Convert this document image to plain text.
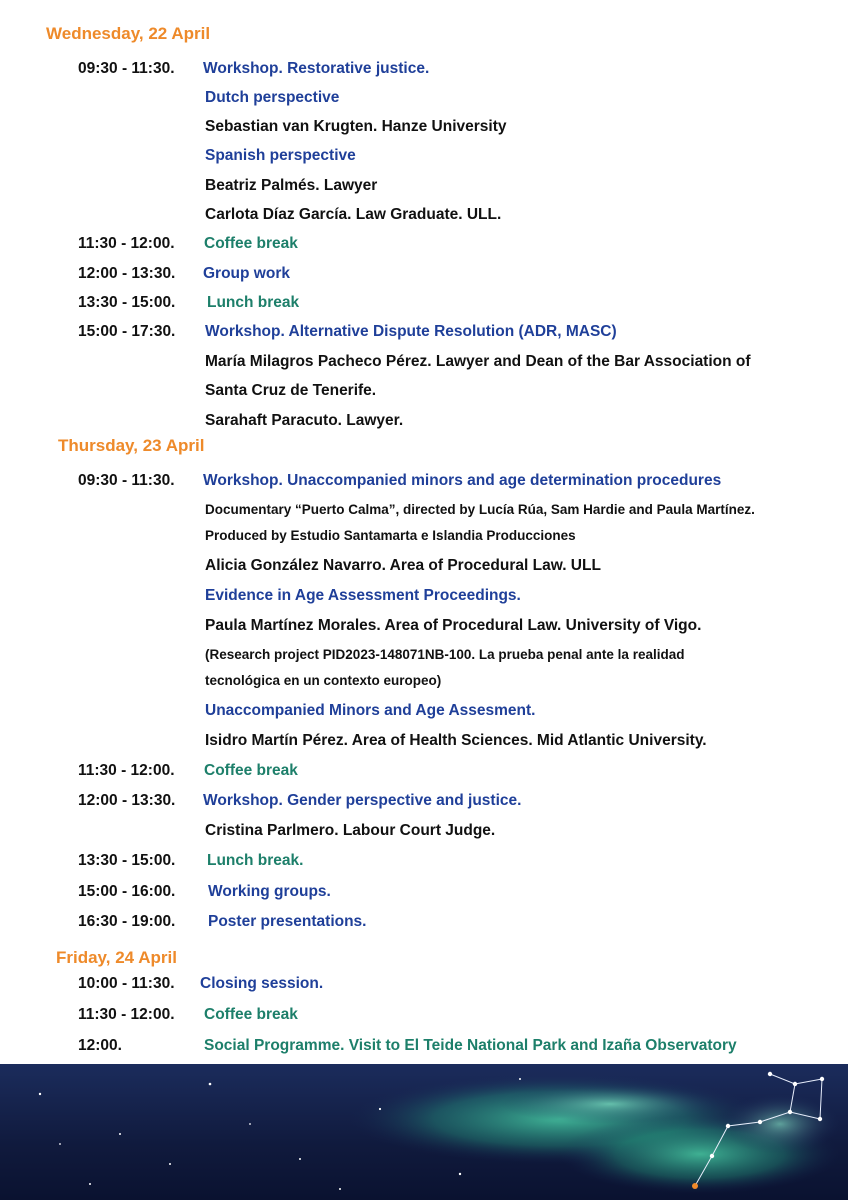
Wednesday, 22 April
09:30 - 11:30. Workshop. Restorative justice.
Dutch perspective
Sebastian van Krugten. Hanze University
Spanish perspective
Beatriz Palmés. Lawyer
Carlota Díaz García. Law Graduate. ULL.
11:30 - 12:00. Coffee break
12:00 - 13:30. Group work
13:30 - 15:00. Lunch break
15:00 - 17:30. Workshop. Alternative Dispute Resolution (ADR, MASC)
María Milagros Pacheco Pérez. Lawyer and Dean of the Bar Association of
Santa Cruz de Tenerife.
Sarahaft Paracuto. Lawyer.
Thursday, 23 April
09:30 - 11:30. Workshop. Unaccompanied minors and age determination procedures
Documentary “Puerto Calma”, directed by Lucía Rúa, Sam Hardie and Paula Martínez.
Produced by Estudio Santamarta e Islandia Producciones
Alicia González Navarro. Area of Procedural Law. ULL
Evidence in Age Assessment Proceedings.
Paula Martínez Morales. Area of Procedural Law. University of Vigo.
(Research project PID2023-148071NB-100. La prueba penal ante la realidad
tecnológica en un contexto europeo)
Unaccompanied Minors and Age Assesment.
Isidro Martín Pérez. Area of Health Sciences. Mid Atlantic University.
11:30 - 12:00. Coffee break
12:00 - 13:30. Workshop. Gender perspective and justice.
Cristina Parlmero. Labour Court Judge.
13:30 - 15:00. Lunch break.
15:00 - 16:00. Working groups.
16:30 - 19:00. Poster presentations.
Friday, 24 April
10:00 - 11:30. Closing session.
11:30 - 12:00. Coffee break
12:00.	Social Programme. Visit to El Teide National Park and Izaña Observatory
